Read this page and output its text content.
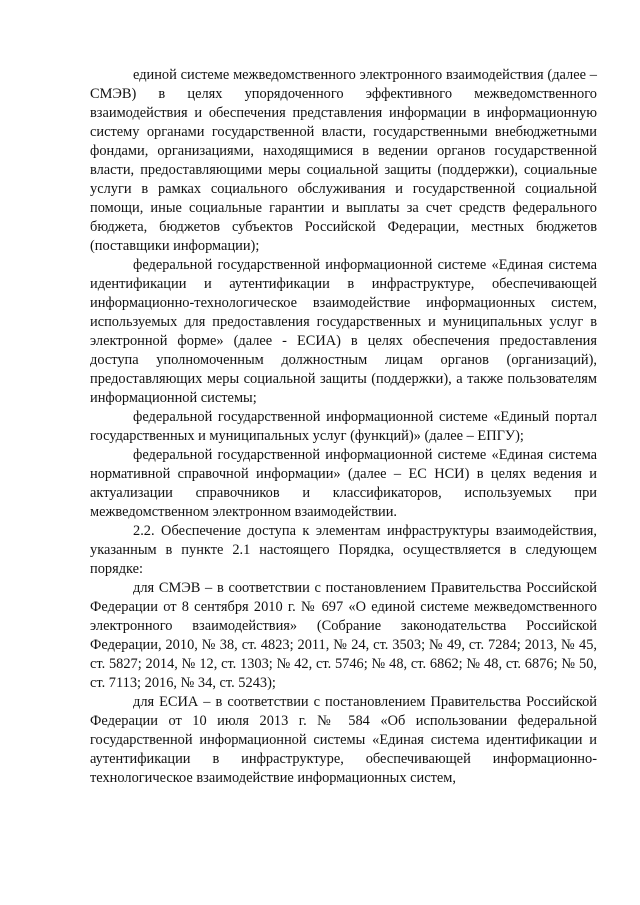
единой системе межведомственного электронного взаимодействия (далее – СМЭВ) в целях упорядоченного эффективного межведомственного взаимодействия и обеспечения представления информации в информационную систему органами государственной власти, государственными внебюджетными фондами, организациями, находящимися в ведении органов государственной власти, предоставляющими меры социальной защиты (поддержки), социальные услуги в рамках социального обслуживания и государственной социальной помощи, иные социальные гарантии и выплаты за счет средств федерального бюджета, бюджетов субъектов Российской Федерации, местных бюджетов (поставщики информации);

федеральной государственной информационной системе «Единая система идентификации и аутентификации в инфраструктуре, обеспечивающей информационно-технологическое взаимодействие информационных систем, используемых для предоставления государственных и муниципальных услуг в электронной форме» (далее - ЕСИА) в целях обеспечения предоставления доступа уполномоченным должностным лицам органов (организаций), предоставляющих меры социальной защиты (поддержки), а также пользователям информационной системы;

федеральной государственной информационной системе «Единый портал государственных и муниципальных услуг (функций)» (далее – ЕПГУ);

федеральной государственной информационной системе «Единая система нормативной справочной информации» (далее – ЕС НСИ) в целях ведения и актуализации справочников и классификаторов, используемых при межведомственном электронном взаимодействии.

2.2. Обеспечение доступа к элементам инфраструктуры взаимодействия, указанным в пункте 2.1 настоящего Порядка, осуществляется в следующем порядке:

для СМЭВ – в соответствии с постановлением Правительства Российской Федерации от 8 сентября 2010 г. № 697 «О единой системе межведомственного электронного взаимодействия» (Собрание законодательства Российской Федерации, 2010, № 38, ст. 4823; 2011, № 24, ст. 3503; № 49, ст. 7284; 2013, № 45, ст. 5827; 2014, № 12, ст. 1303; № 42, ст. 5746; № 48, ст. 6862; № 48, ст. 6876; № 50, ст. 7113; 2016, № 34, ст. 5243);

для ЕСИА – в соответствии с постановлением Правительства Российской Федерации от 10 июля 2013 г. № 584 «Об использовании федеральной государственной информационной системы «Единая система идентификации и аутентификации в инфраструктуре, обеспечивающей информационно-технологическое взаимодействие информационных систем,
